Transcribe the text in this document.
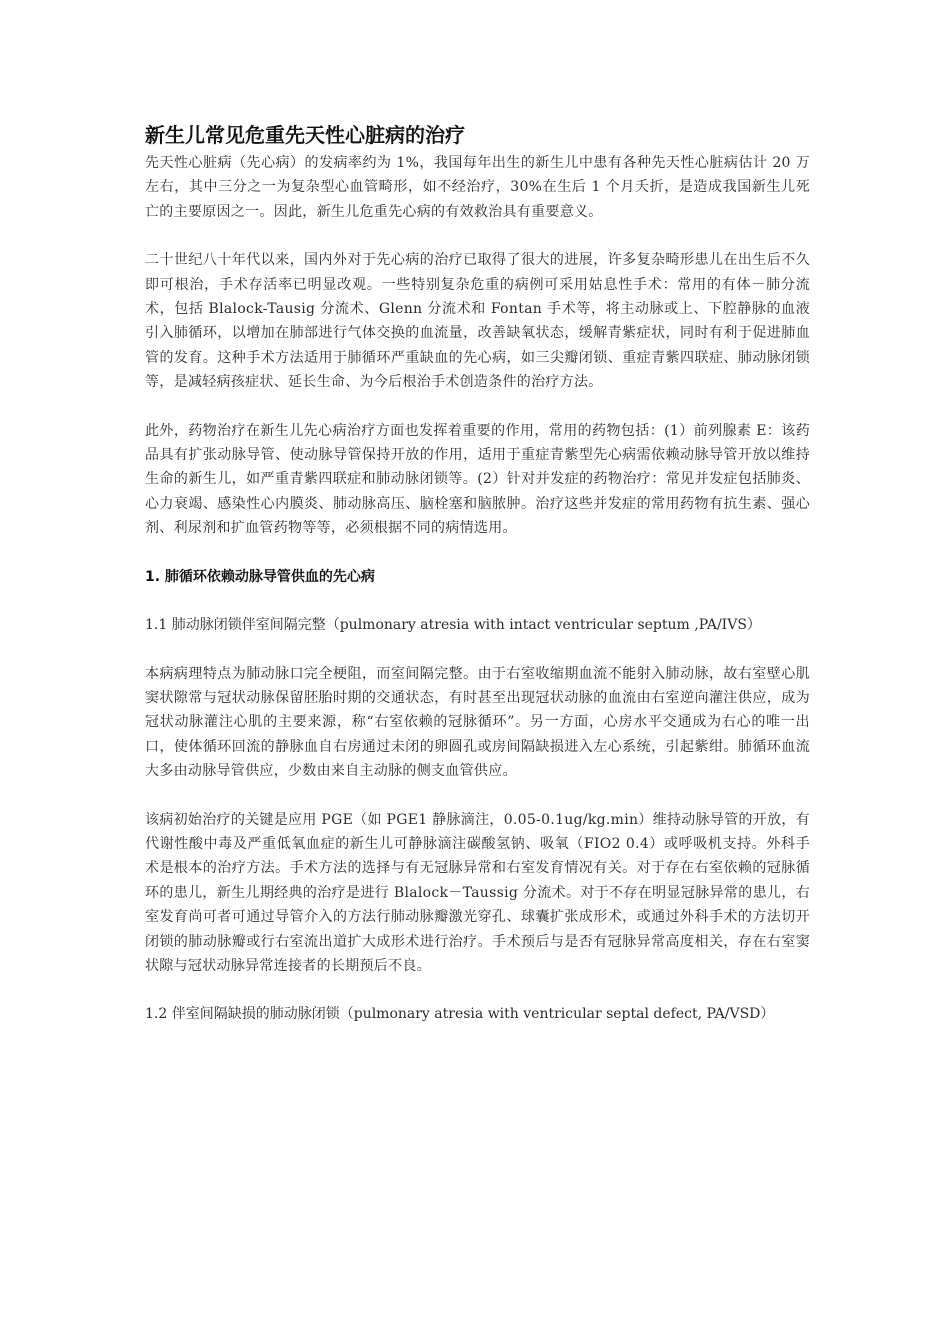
新生儿常见危重先天性心脏病的治疗

先天性心脏病（先心病）的发病率约为 1%，我国每年出生的新生儿中患有各种先天性心脏病估计 20 万左右，其中三分之一为复杂型心血管畸形，如不经治疗，30%在生后 1 个月夭折，是造成我国新生儿死亡的主要原因之一。因此，新生儿危重先心病的有效救治具有重要意义。

二十世纪八十年代以来，国内外对于先心病的治疗已取得了很大的进展，许多复杂畸形患儿在出生后不久即可根治，手术存活率已明显改观。一些特别复杂危重的病例可采用姑息性手术：常用的有体－肺分流术，包括 Blalock-Tausig 分流术、Glenn 分流术和 Fontan 手术等，将主动脉或上、下腔静脉的血液引入肺循环，以增加在肺部进行气体交换的血流量，改善缺氧状态，缓解青紫症状，同时有利于促进肺血管的发育。这种手术方法适用于肺循环严重缺血的先心病，如三尖瓣闭锁、重症青紫四联症、肺动脉闭锁等，是减轻病孩症状、延长生命、为今后根治手术创造条件的治疗方法。

此外，药物治疗在新生儿先心病治疗方面也发挥着重要的作用，常用的药物包括：(1）前列腺素 E：该药品具有扩张动脉导管、使动脉导管保持开放的作用，适用于重症青紫型先心病需依赖动脉导管开放以维持生命的新生儿，如严重青紫四联症和肺动脉闭锁等。(2）针对并发症的药物治疗：常见并发症包括肺炎、心力衰竭、感染性心内膜炎、肺动脉高压、脑栓塞和脑脓肿。治疗这些并发症的常用药物有抗生素、强心剂、利尿剂和扩血管药物等等，必须根据不同的病情选用。

1. 肺循环依赖动脉导管供血的先心病

1.1 肺动脉闭锁伴室间隔完整（pulmonary atresia with intact ventricular septum ,PA/IVS）

本病病理特点为肺动脉口完全梗阻，而室间隔完整。由于右室收缩期血流不能射入肺动脉，故右室壁心肌窦状隙常与冠状动脉保留胚胎时期的交通状态，有时甚至出现冠状动脉的血流由右室逆向灌注供应，成为冠状动脉灌注心肌的主要来源，称“右室依赖的冠脉循环”。另一方面，心房水平交通成为右心的唯一出口，使体循环回流的静脉血自右房通过未闭的卵圆孔或房间隔缺损进入左心系统，引起紫绀。肺循环血流大多由动脉导管供应，少数由来自主动脉的侧支血管供应。

该病初始治疗的关键是应用 PGE（如 PGE1 静脉滴注，0.05-0.1ug/kg.min）维持动脉导管的开放，有代谢性酸中毒及严重低氧血症的新生儿可静脉滴注碳酸氢钠、吸氧（FIO2 0.4）或呼吸机支持。外科手术是根本的治疗方法。手术方法的选择与有无冠脉异常和右室发育情况有关。对于存在右室依赖的冠脉循环的患儿，新生儿期经典的治疗是进行 Blalock－Taussig 分流术。对于不存在明显冠脉异常的患儿，右室发育尚可者可通过导管介入的方法行肺动脉瓣激光穿孔、球囊扩张成形术，或通过外科手术的方法切开闭锁的肺动脉瓣或行右室流出道扩大成形术进行治疗。手术预后与是否有冠脉异常高度相关，存在右室窦状隙与冠状动脉异常连接者的长期预后不良。

1.2 伴室间隔缺损的肺动脉闭锁（pulmonary atresia with ventricular septal defect, PA/VSD）
